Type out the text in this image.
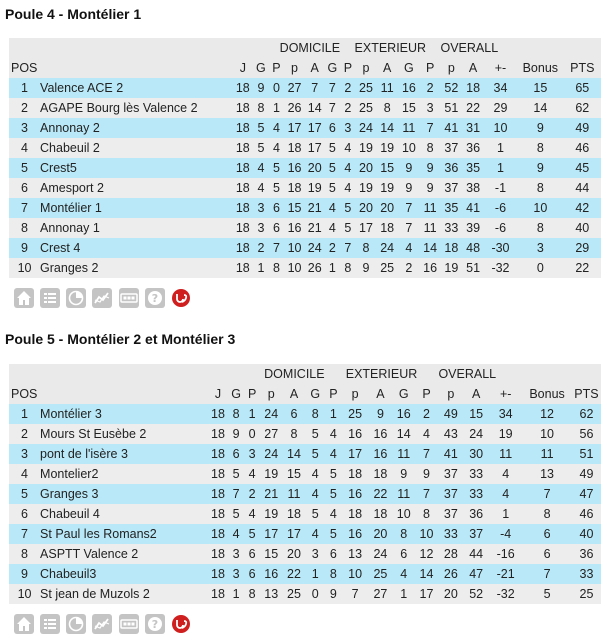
Poule 4 - Montélier 1
		DOMICILE						EXTERIEUR					OVERALL				
POS		J	G	P	p	A	G	P	p	A	G	P	p	A	+-	Bonus	PTS
1	Valence ACE 2	18	9	0	27	7	7	2	25	11	16	2	52	18	34	15	65
2	AGAPE Bourg lès Valence 2	18	8	1	26	14	7	2	25	8	15	3	51	22	29	14	62
3	Annonay 2	18	5	4	17	17	6	3	24	14	11	7	41	31	10	9	49
4	Chabeuil 2	18	5	4	18	17	5	4	19	19	10	8	37	36	1	8	46
5	Crest5	18	4	5	16	20	5	4	20	15	9	9	36	35	1	9	45
6	Amesport 2	18	4	5	18	19	5	4	19	19	9	9	37	38	-1	8	44
7	Montélier 1	18	3	6	15	21	4	5	20	20	7	11	35	41	-6	10	42
8	Annonay 1	18	3	6	16	21	4	5	17	18	7	11	33	39	-6	8	40
9	Crest 4	18	2	7	10	24	2	7	8	24	4	14	18	48	-30	3	29
10	Granges 2	18	1	8	10	26	1	8	9	25	2	16	19	51	-32	0	22
?
Poule 5 - Montélier 2 et Montélier 3
		DOMICILE						EXTERIEUR					OVERALL				
POS		J	G	P	p	A	G	P	p	A	G	P	p	A	+-	Bonus	PTS
1	Montélier 3	18	8	1	24	6	8	1	25	9	16	2	49	15	34	12	62
2	Mours St Eusèbe 2	18	9	0	27	8	5	4	16	16	14	4	43	24	19	10	56
3	pont de l'isère 3	18	6	3	24	14	5	4	17	16	11	7	41	30	11	11	51
4	Montelier2	18	5	4	19	15	4	5	18	18	9	9	37	33	4	13	49
5	Granges 3	18	7	2	21	11	4	5	16	22	11	7	37	33	4	7	47
6	Chabeuil 4	18	5	4	19	18	5	4	18	18	10	8	37	36	1	8	46
7	St Paul les Romans2	18	4	5	17	17	4	5	16	20	8	10	33	37	-4	6	40
8	ASPTT Valence 2	18	3	6	15	20	3	6	13	24	6	12	28	44	-16	6	36
9	Chabeuil3	18	3	6	16	22	1	8	10	25	4	14	26	47	-21	7	33
10	St jean de Muzols 2	18	1	8	13	25	0	9	7	27	1	17	20	52	-32	5	25
?
